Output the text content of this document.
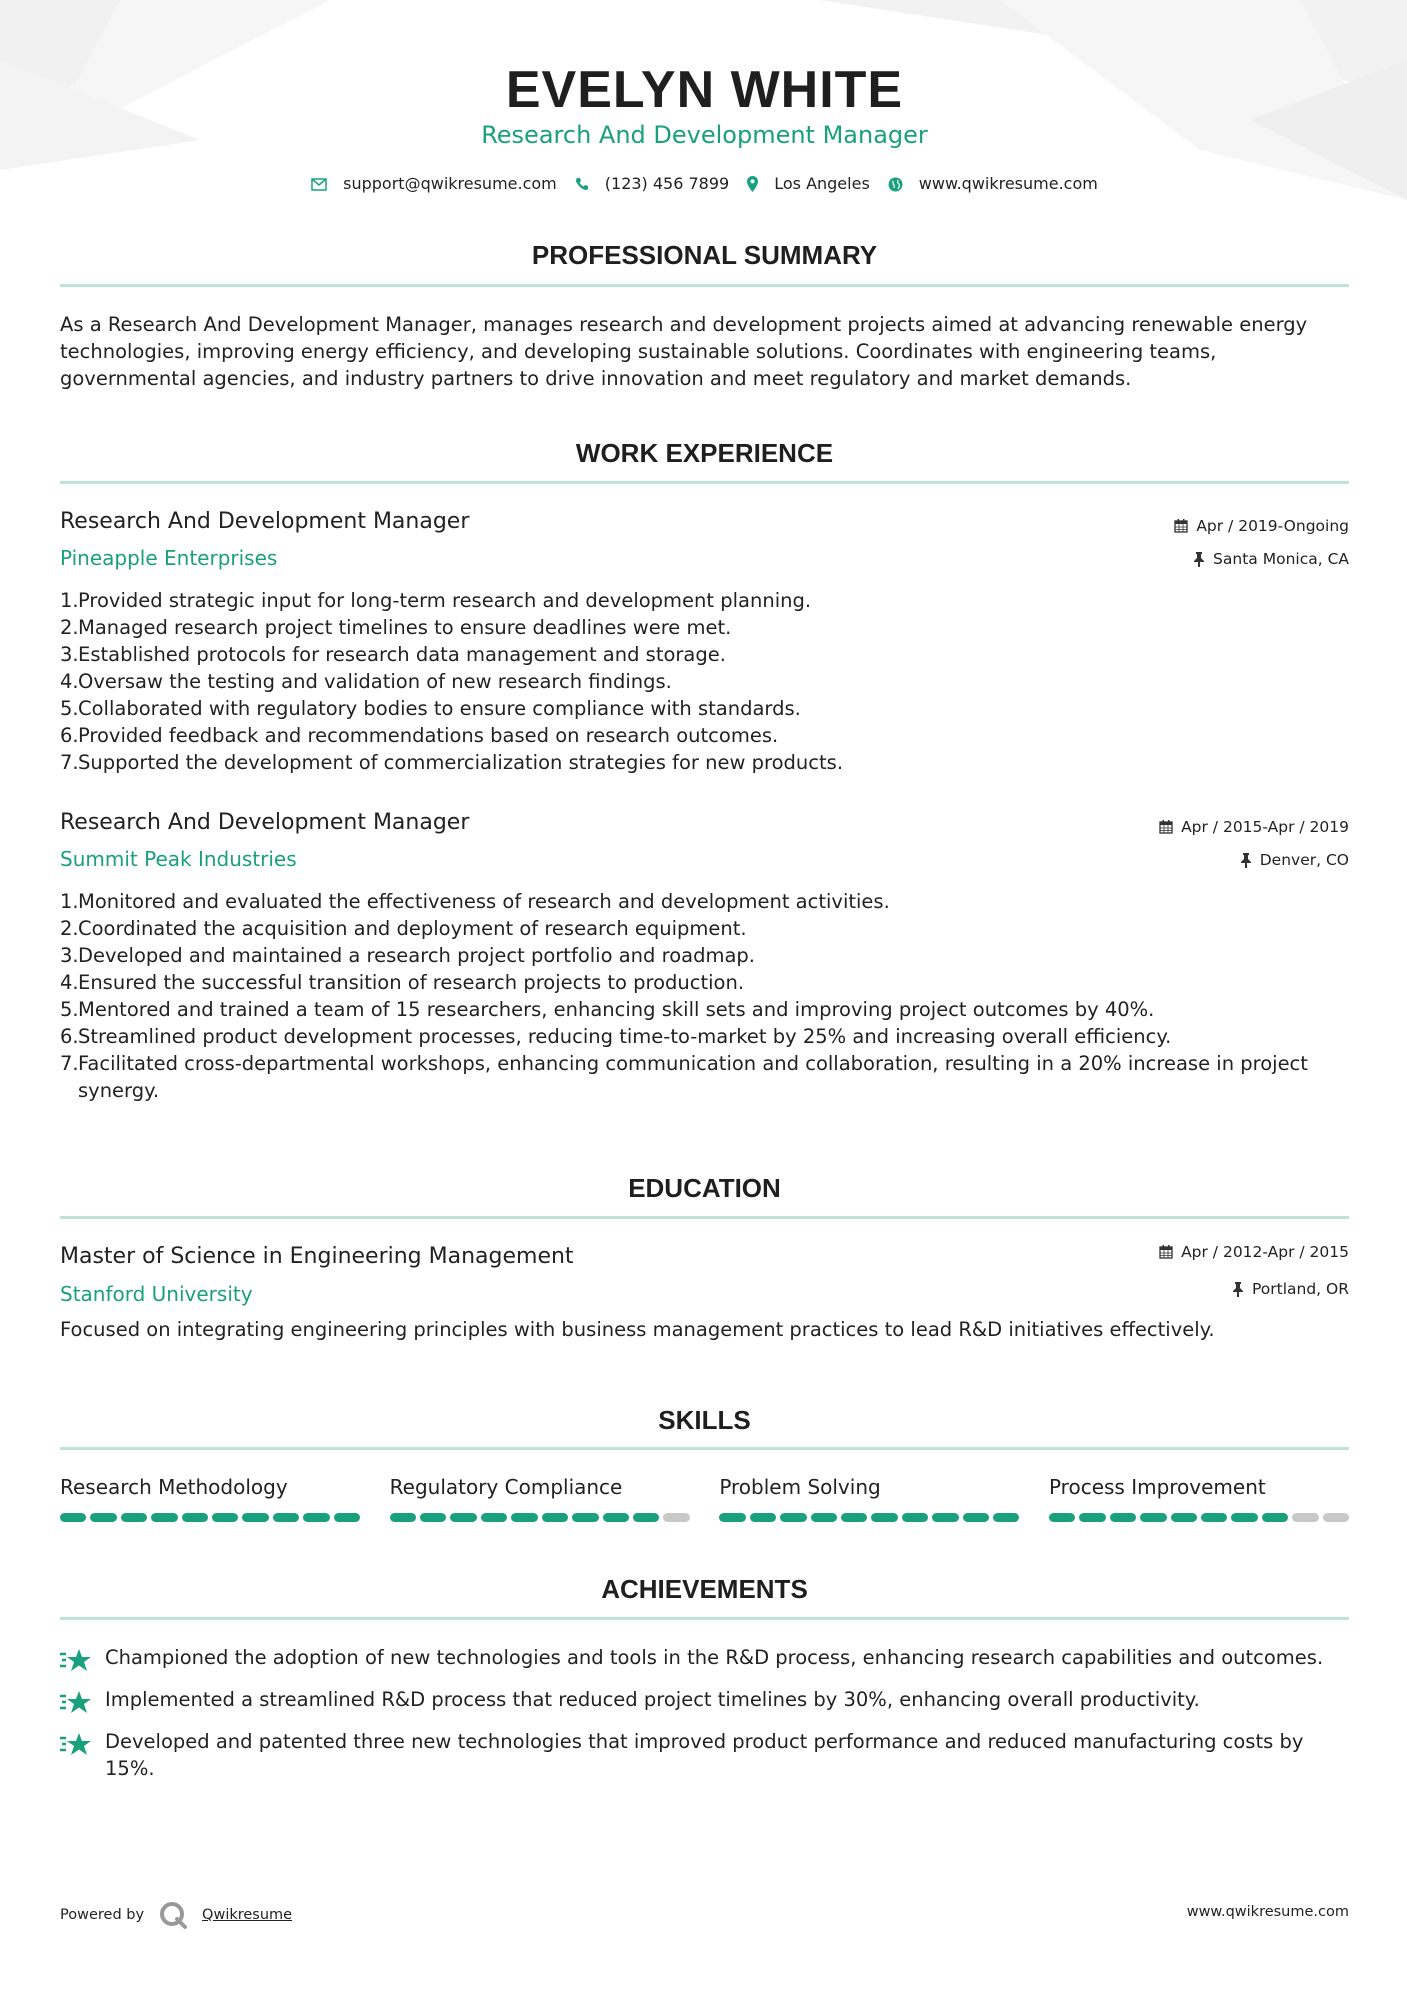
EVELYN WHITE
Research And Development Manager
support@qwikresume.com	(123) 456 7899	Los Angeles	www.qwikresume.com
PROFESSIONAL SUMMARY
As a Research And Development Manager, manages research and development projects aimed at advancing renewable energy technologies, improving energy efficiency, and developing sustainable solutions. Coordinates with engineering teams, governmental agencies, and industry partners to drive innovation and meet regulatory and market demands.
WORK EXPERIENCE
Research And Development Manager	Apr / 2019-Ongoing
Pineapple Enterprises	Santa Monica, CA
1. Provided strategic input for long-term research and development planning.
2. Managed research project timelines to ensure deadlines were met.
3. Established protocols for research data management and storage.
4. Oversaw the testing and validation of new research findings.
5. Collaborated with regulatory bodies to ensure compliance with standards.
6. Provided feedback and recommendations based on research outcomes.
7. Supported the development of commercialization strategies for new products.
Research And Development Manager	Apr / 2015-Apr / 2019
Summit Peak Industries	Denver, CO
1. Monitored and evaluated the effectiveness of research and development activities.
2. Coordinated the acquisition and deployment of research equipment.
3. Developed and maintained a research project portfolio and roadmap.
4. Ensured the successful transition of research projects to production.
5. Mentored and trained a team of 15 researchers, enhancing skill sets and improving project outcomes by 40%.
6. Streamlined product development processes, reducing time-to-market by 25% and increasing overall efficiency.
7. Facilitated cross-departmental workshops, enhancing communication and collaboration, resulting in a 20% increase in project synergy.
EDUCATION
Master of Science in Engineering Management	Apr / 2012-Apr / 2015
Stanford University	Portland, OR
Focused on integrating engineering principles with business management practices to lead R&D initiatives effectively.
SKILLS
Research Methodology	Regulatory Compliance	Problem Solving	Process Improvement
ACHIEVEMENTS
Championed the adoption of new technologies and tools in the R&D process, enhancing research capabilities and outcomes.
Implemented a streamlined R&D process that reduced project timelines by 30%, enhancing overall productivity.
Developed and patented three new technologies that improved product performance and reduced manufacturing costs by 15%.
Powered by	Qwikresume	www.qwikresume.com
